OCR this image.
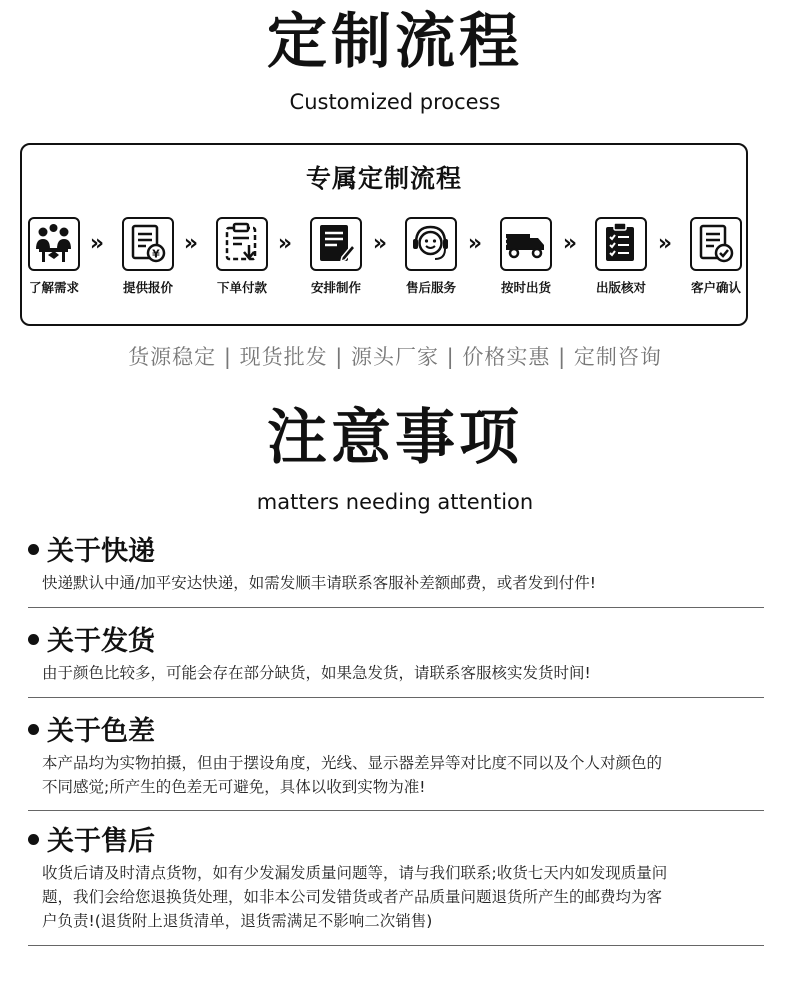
定制流程
Customized process
专属定制流程
了解需求
»	¥
提供报价
»
下单付款
»
安排制作
»
售后服务
»
按时出货
»
出版核对
»
客户确认
货源稳定 | 现货批发 | 源头厂家 | 价格实惠 | 定制咨询
注意事项
matters needing attention
关于快递
快递默认中通/加平安达快递，如需发顺丰请联系客服补差额邮费，或者发到付件!
关于发货
由于颜色比较多，可能会存在部分缺货，如果急发货，请联系客服核实发货时间!
关于色差
本产品均为实物拍摄，但由于摆设角度，光线、显示器差异等对比度不同以及个人对颜色的
不同感觉;所产生的色差无可避免，具体以收到实物为准!
关于售后
收货后请及时清点货物，如有少发漏发质量问题等，请与我们联系;收货七天内如发现质量问
题，我们会给您退换货处理，如非本公司发错货或者产品质量问题退货所产生的邮费均为客
户负责!(退货附上退货清单，退货需满足不影响二次销售)
